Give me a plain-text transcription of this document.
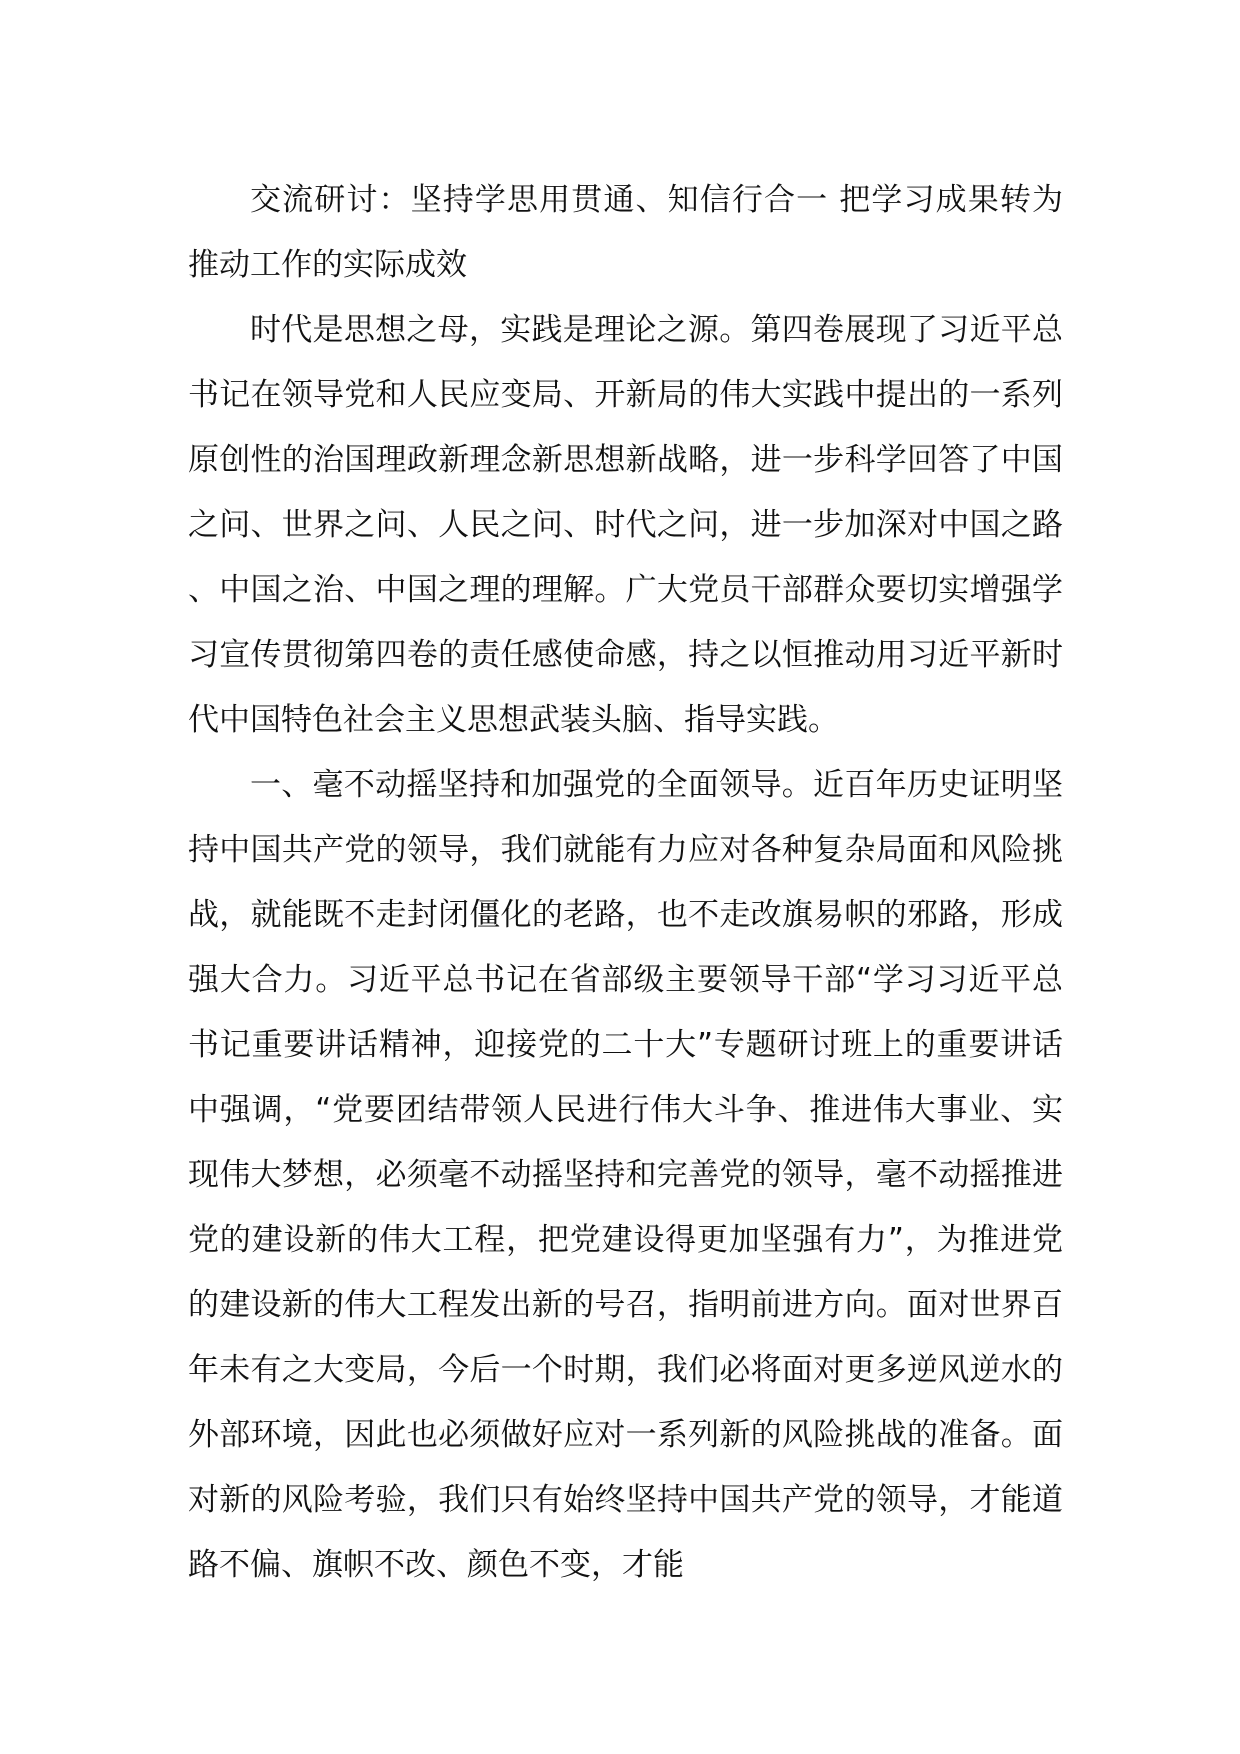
交流研讨：坚持学思用贯通、知信行合一 把学习成果转为推动工作的实际成效

时代是思想之母，实践是理论之源。第四卷展现了习近平总书记在领导党和人民应变局、开新局的伟大实践中提出的一系列原创性的治国理政新理念新思想新战略，进一步科学回答了中国之问、世界之问、人民之问、时代之问，进一步加深对中国之路、中国之治、中国之理的理解。广大党员干部群众要切实增强学习宣传贯彻第四卷的责任感使命感，持之以恒推动用习近平新时代中国特色社会主义思想武装头脑、指导实践。

一、毫不动摇坚持和加强党的全面领导。近百年历史证明坚持中国共产党的领导，我们就能有力应对各种复杂局面和风险挑战，就能既不走封闭僵化的老路，也不走改旗易帜的邪路，形成强大合力。习近平总书记在省部级主要领导干部“学习习近平总书记重要讲话精神，迎接党的二十大”专题研讨班上的重要讲话中强调，“党要团结带领人民进行伟大斗争、推进伟大事业、实现伟大梦想，必须毫不动摇坚持和完善党的领导，毫不动摇推进党的建设新的伟大工程，把党建设得更加坚强有力”，为推进党的建设新的伟大工程发出新的号召，指明前进方向。面对世界百年未有之大变局，今后一个时期，我们必将面对更多逆风逆水的外部环境，因此也必须做好应对一系列新的风险挑战的准备。面对新的风险考验，我们只有始终坚持中国共产党的领导，才能道路不偏、旗帜不改、颜色不变，才能
